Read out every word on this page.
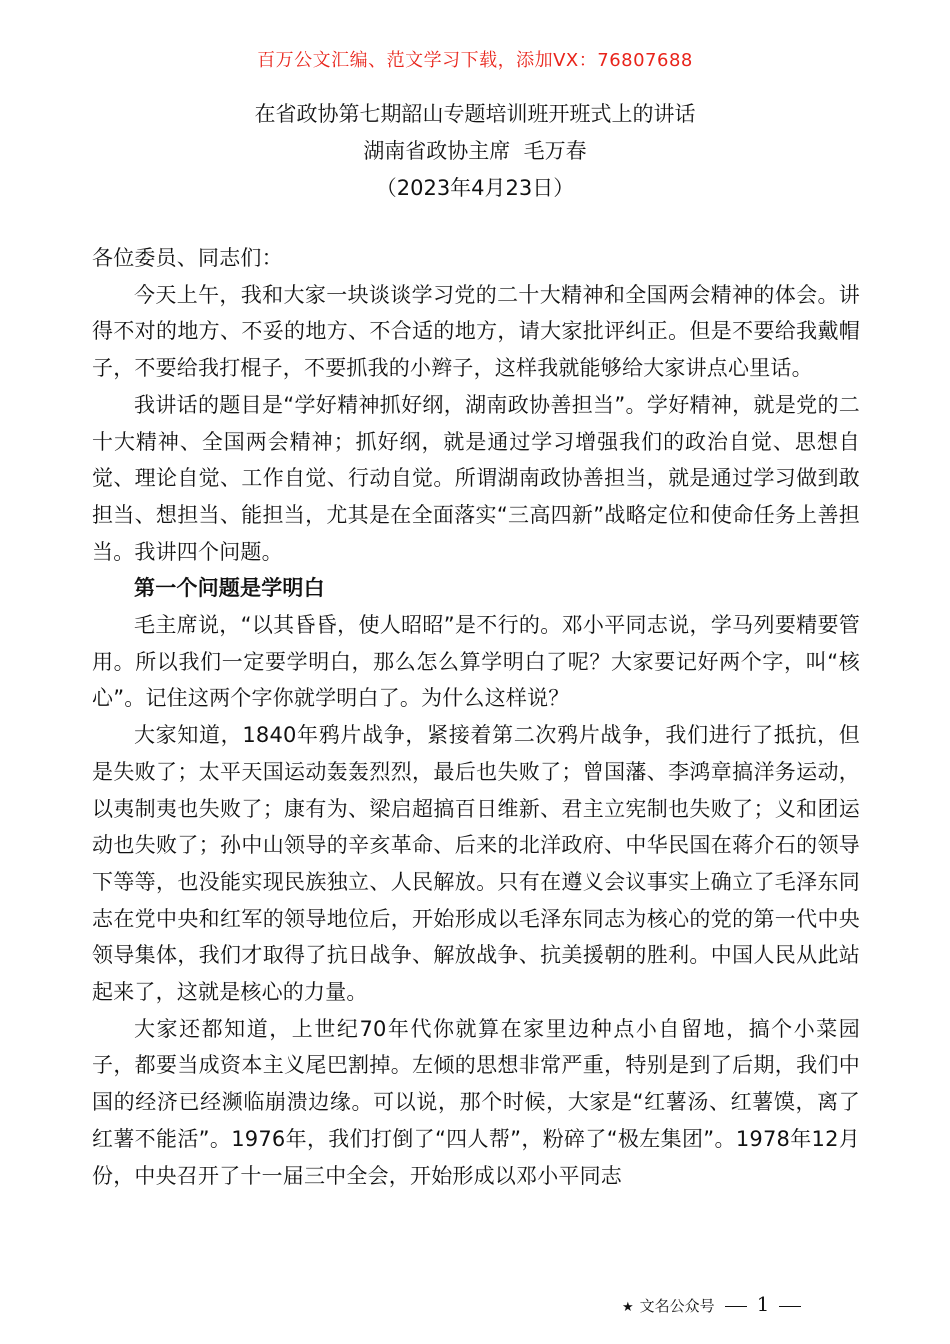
百万公文汇编、范文学习下载，添加VX：76807688
在省政协第七期韶山专题培训班开班式上的讲话
湖南省政协主席  毛万春
（2023年4月23日）

各位委员、同志们：

今天上午，我和大家一块谈谈学习党的二十大精神和全国两会精神的体会。讲得不对的地方、不妥的地方、不合适的地方，请大家批评纠正。但是不要给我戴帽子，不要给我打棍子，不要抓我的小辫子，这样我就能够给大家讲点心里话。

我讲话的题目是“学好精神抓好纲，湖南政协善担当”。学好精神，就是党的二十大精神、全国两会精神；抓好纲，就是通过学习增强我们的政治自觉、思想自觉、理论自觉、工作自觉、行动自觉。所谓湖南政协善担当，就是通过学习做到敢担当、想担当、能担当，尤其是在全面落实“三高四新”战略定位和使命任务上善担当。我讲四个问题。

第一个问题是学明白

毛主席说，“以其昏昏，使人昭昭”是不行的。邓小平同志说，学马列要精要管用。所以我们一定要学明白，那么怎么算学明白了呢？大家要记好两个字，叫“核心”。记住这两个字你就学明白了。为什么这样说？

大家知道，1840年鸦片战争，紧接着第二次鸦片战争，我们进行了抵抗，但是失败了；太平天国运动轰轰烈烈，最后也失败了；曾国藩、李鸿章搞洋务运动，以夷制夷也失败了；康有为、梁启超搞百日维新、君主立宪制也失败了；义和团运动也失败了；孙中山领导的辛亥革命、后来的北洋政府、中华民国在蒋介石的领导下等等，也没能实现民族独立、人民解放。只有在遵义会议事实上确立了毛泽东同志在党中央和红军的领导地位后，开始形成以毛泽东同志为核心的党的第一代中央领导集体，我们才取得了抗日战争、解放战争、抗美援朝的胜利。中国人民从此站起来了，这就是核心的力量。

大家还都知道，上世纪70年代你就算在家里边种点小自留地，搞个小菜园子，都要当成资本主义尾巴割掉。左倾的思想非常严重，特别是到了后期，我们中国的经济已经濒临崩溃边缘。可以说，那个时候，大家是“红薯汤、红薯馍，离了红薯不能活”。1976年，我们打倒了“四人帮”，粉碎了“极左集团”。1978年12月份，中央召开了十一届三中全会，开始形成以邓小平同志

★ 文名公众号 1
